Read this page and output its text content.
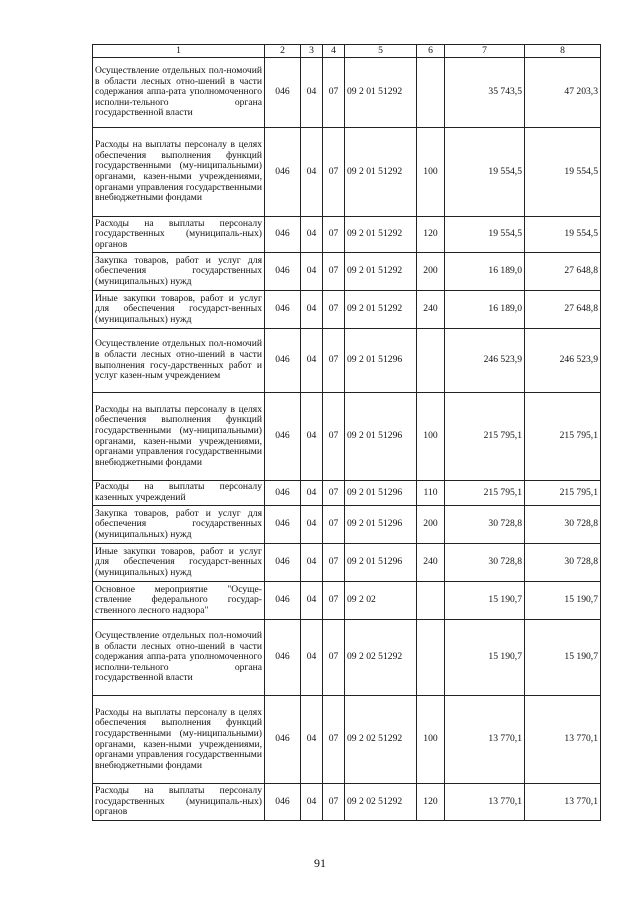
1	2	3	4	5	6	7	8
Осуществление отдельных пол-номочий в области лесных отно-шений в части содержания аппа-рата уполномоченного исполни-тельного органа государственной власти	046	04	07	09 2 01 51292		35 743,5	47 203,3
Расходы на выплаты персоналу в целях обеспечения выполнения функций государственными (му-ниципальными) органами, казен-ными учреждениями, органами управления государственными внебюджетными фондами	046	04	07	09 2 01 51292	100	19 554,5	19 554,5
Расходы на выплаты персоналу государственных (муниципаль-ных) органов	046	04	07	09 2 01 51292	120	19 554,5	19 554,5
Закупка товаров, работ и услуг для обеспечения государственных (муниципальных) нужд	046	04	07	09 2 01 51292	200	16 189,0	27 648,8
Иные закупки товаров, работ и услуг для обеспечения государст-венных (муниципальных) нужд	046	04	07	09 2 01 51292	240	16 189,0	27 648,8
Осуществление отдельных пол-номочий в области лесных отно-шений в части выполнения госу-дарственных работ и услуг казен-ным учреждением	046	04	07	09 2 01 51296		246 523,9	246 523,9
Расходы на выплаты персоналу в целях обеспечения выполнения функций государственными (му-ниципальными) органами, казен-ными учреждениями, органами управления государственными внебюджетными фондами	046	04	07	09 2 01 51296	100	215 795,1	215 795,1
Расходы на выплаты персоналу казенных учреждений	046	04	07	09 2 01 51296	110	215 795,1	215 795,1
Закупка товаров, работ и услуг для обеспечения государственных (муниципальных) нужд	046	04	07	09 2 01 51296	200	30 728,8	30 728,8
Иные закупки товаров, работ и услуг для обеспечения государст-венных (муниципальных) нужд	046	04	07	09 2 01 51296	240	30 728,8	30 728,8
Основное мероприятие "Осуще-ствление федерального государ-ственного лесного надзора"	046	04	07	09 2 02		15 190,7	15 190,7
Осуществление отдельных пол-номочий в области лесных отно-шений в части содержания аппа-рата уполномоченного исполни-тельного органа государственной власти	046	04	07	09 2 02 51292		15 190,7	15 190,7
Расходы на выплаты персоналу в целях обеспечения выполнения функций государственными (му-ниципальными) органами, казен-ными учреждениями, органами управления государственными внебюджетными фондами	046	04	07	09 2 02 51292	100	13 770,1	13 770,1
Расходы на выплаты персоналу государственных (муниципаль-ных) органов	046	04	07	09 2 02 51292	120	13 770,1	13 770,1
91
